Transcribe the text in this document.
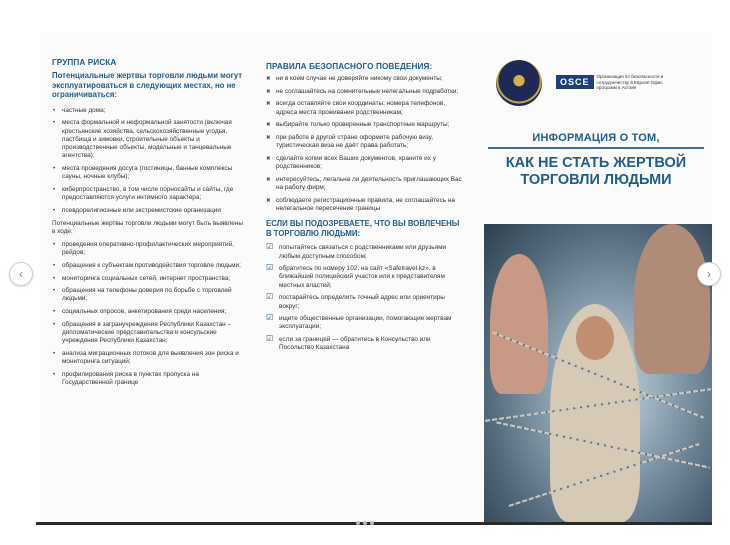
ГРУППА РИСКА
Потенциальные жертвы торговли людьми могут эксплуатироваться в следующих местах, но не ограничиваться:
• частные дома;
• места формальной и неформальной занятости (включая крестьянские хозяйства, сельскохозяйственные угодья, пастбища и зимовки, строительные объекты и производственные объекты, модельные и танцевальные агентства);
• места проведения досуга (гостиницы, банные комплексы сауны, ночные клубы);
• киберпространство, в том числе порносайты и сайты, где предоставляются услуги интимного характера;
• псевдорелигиозные или экстремистские организации
Потенциальные жертвы торговли людьми могут быть выявлены в ходе:
• проведения оперативно-профилактических мероприятий, рейдов;
• обращения к субъектам противодействия торговле людьми;
• мониторинга социальных сетей, интернет пространства;
• обращения на телефоны доверия по борьбе с торговлей людьми;
• социальных опросов, анкетирования среди населения;
• обращения в загранучреждения Республики Казахстан – дипломатические представительства и консульские учреждения Республики Казахстан;
• анализа миграционных потоков для выявления зон риска и мониторинга ситуаций;
• профилирования риска в пунктах пропуска на Государственной границе
ПРАВИЛА БЕЗОПАСНОГО ПОВЕДЕНИЯ:
✖ ни в коем случае не доверяйте никому свои документы;
✖ не соглашайтесь на сомнительные нелегальные подработки;
✖ всегда оставляйте свои координаты: номера телефонов, адреса места проживания родственникам;
✖ выбирайте только проверенные транспортные маршруты;
✖ при работе в другой стране оформите рабочую визу, туристическая виза не даёт права работать;
✖ сделайте копии всех Ваших документов, храните их у родственников;
✖ интересуйтесь, легальна ли деятельность приглашающих Вас на работу фирм;
✖ соблюдаете регистрационные правила, не соглашайтесь на нелегальное пересечение границы
ЕСЛИ ВЫ ПОДОЗРЕВАЕТЕ, ЧТО ВЫ ВОВЛЕЧЕНЫ В ТОРГОВЛЮ ЛЮДЬМИ:
☑ попытайтесь связаться с родственниками или друзьями любым доступным способом;
☑ обратитесь по номеру 102, на сайт «Safetravel.kz», в ближайший полицейский участок или к представителям местных властей;
☑ постарайтесь определить точный адрес или ориентиры вокруг;
☑ ищите общественные организации, помогающие жертвам эксплуатации;
☑ если за границей — обратитесь в Консульство или Посольство Казахстана
OSCE
Организация по безопасности и сотрудничеству в Европе Офис программ в Астане
ИНФОРМАЦИЯ О ТОМ,
КАК НЕ СТАТЬ ЖЕРТВОЙ ТОРГОВЛИ ЛЮДЬМИ
‹	›
